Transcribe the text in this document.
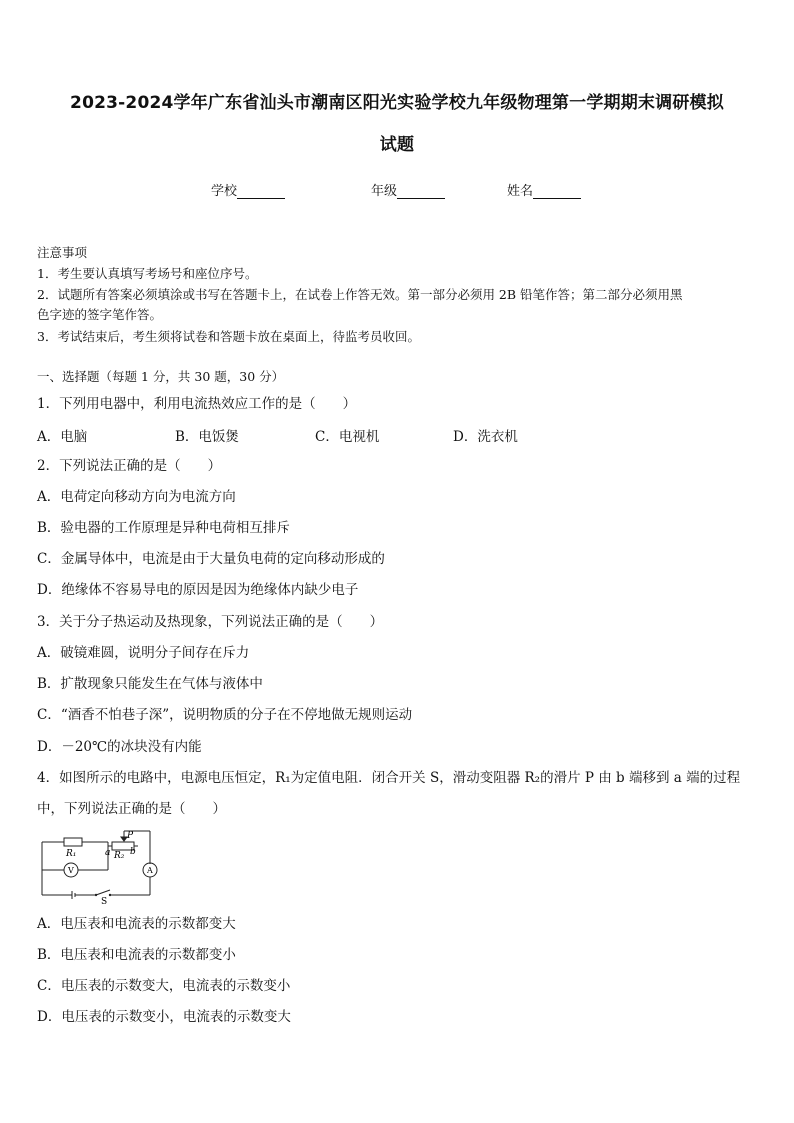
2023-2024学年广东省汕头市潮南区阳光实验学校九年级物理第一学期期末调研模拟
试题
学校	年级	姓名
注意事项
1．考生要认真填写考场号和座位序号。
2．试题所有答案必须填涂或书写在答题卡上，在试卷上作答无效。第一部分必须用 2B 铅笔作答；第二部分必须用黑
色字迹的签字笔作答。
3．考试结束后，考生须将试卷和答题卡放在桌面上，待监考员收回。
一、选择题（每题 1 分，共 30 题，30 分）
1．下列用电器中，利用电流热效应工作的是（　　）
A．电脑	B．电饭煲	C．电视机	D．洗衣机
2．下列说法正确的是（　　）
A．电荷定向移动方向为电流方向
B．验电器的工作原理是异种电荷相互排斥
C．金属导体中，电流是由于大量负电荷的定向移动形成的
D．绝缘体不容易导电的原因是因为绝缘体内缺少电子
3．关于分子热运动及热现象，下列说法正确的是（　　）
A．破镜难圆，说明分子间存在斥力
B．扩散现象只能发生在气体与液体中
C．“酒香不怕巷子深”，说明物质的分子在不停地做无规则运动
D．－20℃的冰块没有内能
4．如图所示的电路中，电源电压恒定，R₁为定值电阻．闭合开关 S，滑动变阻器 R₂的滑片 P 由 b 端移到 a 端的过程
中，下列说法正确的是（　　）
R₁
P
a R₂ b
V	A
S
A．电压表和电流表的示数都变大
B．电压表和电流表的示数都变小
C．电压表的示数变大，电流表的示数变小
D．电压表的示数变小，电流表的示数变大
